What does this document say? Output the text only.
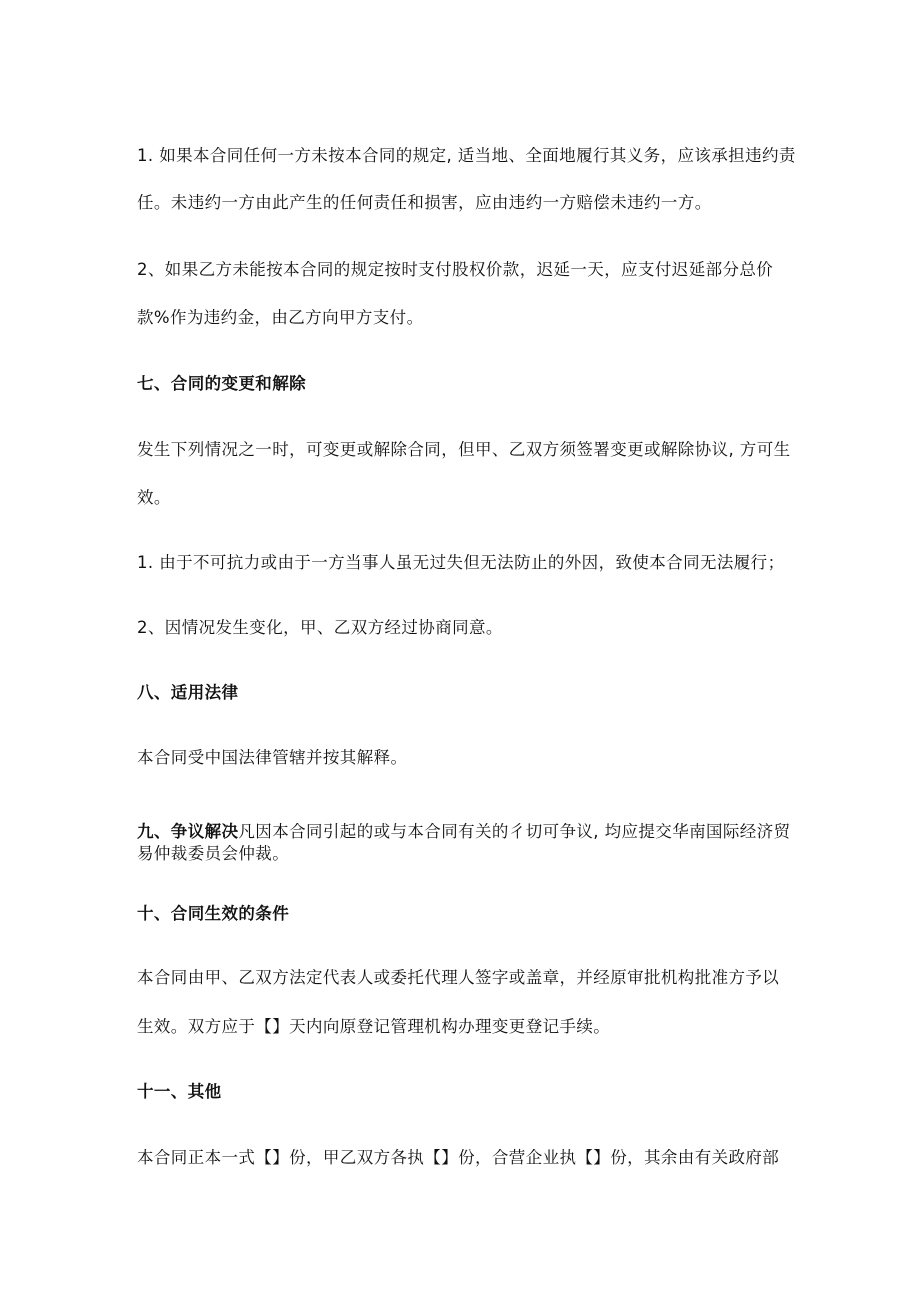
1. 如果本合同任何一方未按本合同的规定, 适当地、全面地履行其义务，应该承担违约责
任。未违约一方由此产生的任何责任和损害，应由违约一方赔偿未违约一方。
2、如果乙方未能按本合同的规定按时支付股权价款，迟延一天，应支付迟延部分总价
款%作为违约金，由乙方向甲方支付。
七、合同的变更和解除
发生下列情况之一时，可变更或解除合同，但甲、乙双方须签署变更或解除协议, 方可生
效。
1. 由于不可抗力或由于一方当事人虽无过失但无法防止的外因，致使本合同无法履行；
2、因情况发生变化，甲、乙双方经过协商同意。
八、适用法律
本合同受中国法律管辖并按其解释。
九、争议解决凡因本合同引起的或与本合同有关的彳切可争议, 均应提交华南国际经济贸
易仲裁委员会仲裁。
十、合同生效的条件
本合同由甲、乙双方法定代表人或委托代理人签字或盖章，并经原审批机构批准方予以
生效。双方应于【】天内向原登记管理机构办理变更登记手续。
十一、其他
本合同正本一式【】份，甲乙双方各执【】份，合营企业执【】份，其余由有关政府部
